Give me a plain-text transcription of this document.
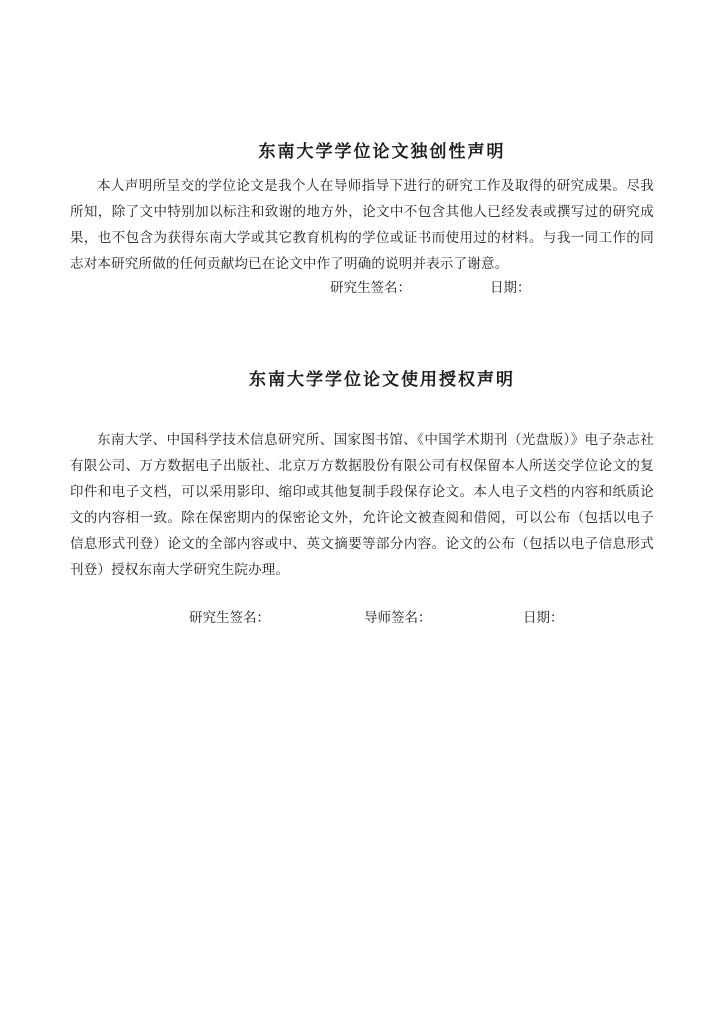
东南大学学位论文独创性声明

本人声明所呈交的学位论文是我个人在导师指导下进行的研究工作及取得的研究成果。尽我所知，除了文中特别加以标注和致谢的地方外，论文中不包含其他人已经发表或撰写过的研究成果，也不包含为获得东南大学或其它教育机构的学位或证书而使用过的材料。与我一同工作的同志对本研究所做的任何贡献均已在论文中作了明确的说明并表示了谢意。

研究生签名：	日期：
东南大学学位论文使用授权声明

东南大学、中国科学技术信息研究所、国家图书馆、《中国学术期刊（光盘版）》电子杂志社有限公司、万方数据电子出版社、北京万方数据股份有限公司有权保留本人所送交学位论文的复印件和电子文档，可以采用影印、缩印或其他复制手段保存论文。本人电子文档的内容和纸质论文的内容相一致。除在保密期内的保密论文外，允许论文被查阅和借阅，可以公布（包括以电子信息形式刊登）论文的全部内容或中、英文摘要等部分内容。论文的公布（包括以电子信息形式刊登）授权东南大学研究生院办理。

研究生签名：	导师签名：	日期：
